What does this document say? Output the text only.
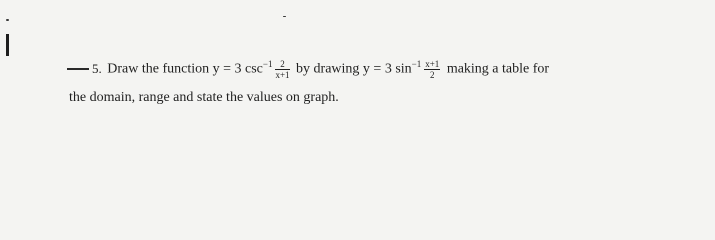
5. Draw the function y = 3 $\csc^{-1} \frac{2}{x+1}$ by drawing y = 3 $\sin^{-1} \frac{x+1}{2}$ making a table for
the domain, range and state the values on graph.
